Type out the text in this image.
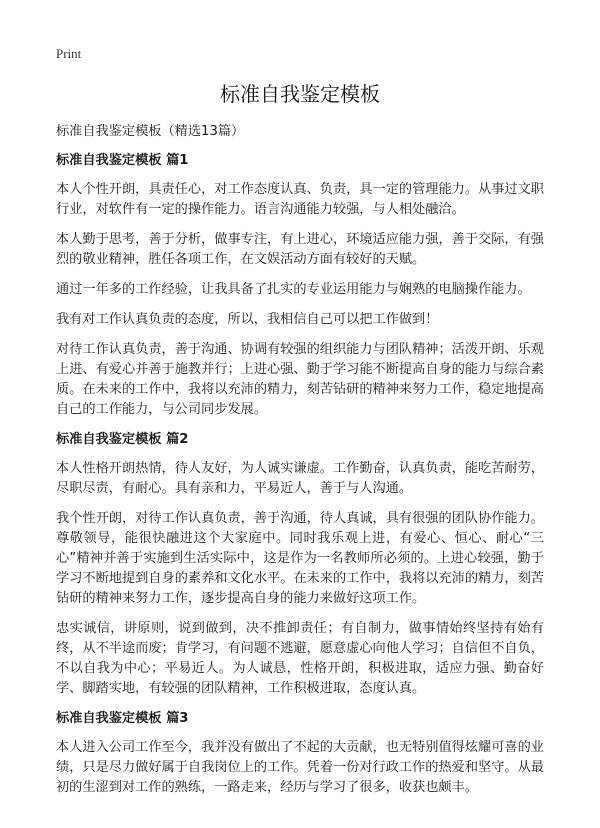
Print
标准自我鉴定模板

标准自我鉴定模板（精选13篇）

标准自我鉴定模板 篇1

本人个性开朗，具责任心，对工作态度认真、负责，具一定的管理能力。从事过文职行业，对软件有一定的操作能力。语言沟通能力较强，与人相处融洽。

本人勤于思考，善于分析，做事专注，有上进心，环境适应能力强，善于交际，有强烈的敬业精神，胜任各项工作，在文娱活动方面有较好的天赋。

通过一年多的工作经验，让我具备了扎实的专业运用能力与娴熟的电脑操作能力。

我有对工作认真负责的态度，所以，我相信自己可以把工作做到！

对待工作认真负责，善于沟通、协调有较强的组织能力与团队精神；活泼开朗、乐观上进、有爱心并善于施教并行；上进心强、勤于学习能不断提高自身的能力与综合素质。在未来的工作中，我将以充沛的精力，刻苦钻研的精神来努力工作，稳定地提高自己的工作能力，与公司同步发展。

标准自我鉴定模板 篇2

本人性格开朗热情，待人友好，为人诚实谦虚。工作勤奋，认真负责，能吃苦耐劳，尽职尽责，有耐心。具有亲和力，平易近人，善于与人沟通。

我个性开朗，对待工作认真负责，善于沟通，待人真诚，具有很强的团队协作能力。尊敬领导，能很快融进这个大家庭中。同时我乐观上进，有爱心、恒心、耐心“三心”精神并善于实施到生活实际中，这是作为一名教师所必须的。上进心较强，勤于学习不断地提到自身的素养和文化水平。在未来的工作中，我将以充沛的精力，刻苦钻研的精神来努力工作，逐步提高自身的能力来做好这项工作。

忠实诚信，讲原则，说到做到，决不推卸责任；有自制力，做事情始终坚持有始有终，从不半途而废；肯学习，有问题不逃避，愿意虚心向他人学习；自信但不自负，不以自我为中心；平易近人。为人诚恳，性格开朗，积极进取，适应力强、勤奋好学、脚踏实地，有较强的团队精神，工作积极进取，态度认真。

标准自我鉴定模板 篇3

本人进入公司工作至今，我并没有做出了不起的大贡献，也无特别值得炫耀可喜的业绩，只是尽力做好属于自我岗位上的工作。凭着一份对行政工作的热爱和坚守。从最初的生涩到对工作的熟练，一路走来，经历与学习了很多，收获也颇丰。
